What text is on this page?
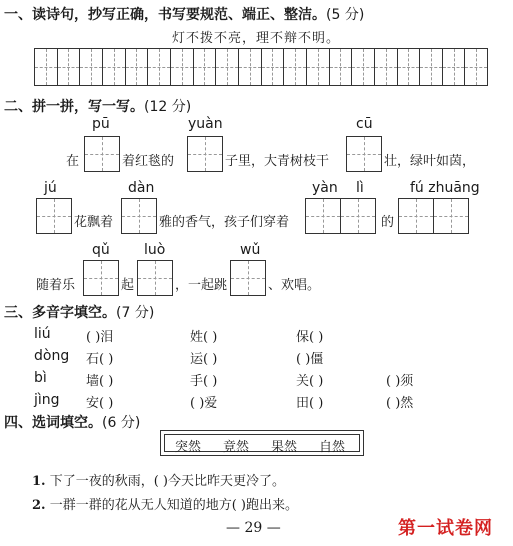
一、读诗句，抄写正确，书写要规范、端正、整洁。(5 分)
灯不拨不亮，理不辩不明。
二、拼一拼，写一写。(12 分)
pū	yuàn	cū
在	着红毯的	子里，大青树枝干	壮，绿叶如茵，
jú	dàn	yàn lì	fú zhuāng
花飘着	雅的香气，孩子们穿着	的
qǔ luò	wǔ
随着乐	起	，一起跳	、欢唱。
三、多音字填空。(7 分)
liú	( )泪	姓( )	保( )
dòng 石( )	运( )	( )僵
bì	墙( )	手( )	关( )	( )须
jìng 安( )	( )爱	田( )	( )然
四、选词填空。(6 分)
突然 竟然 果然 自然
1. 下了一夜的秋雨，( )今天比昨天更冷了。
2. 一群一群的花从无人知道的地方( )跑出来。
— 29 —	第一试卷网
